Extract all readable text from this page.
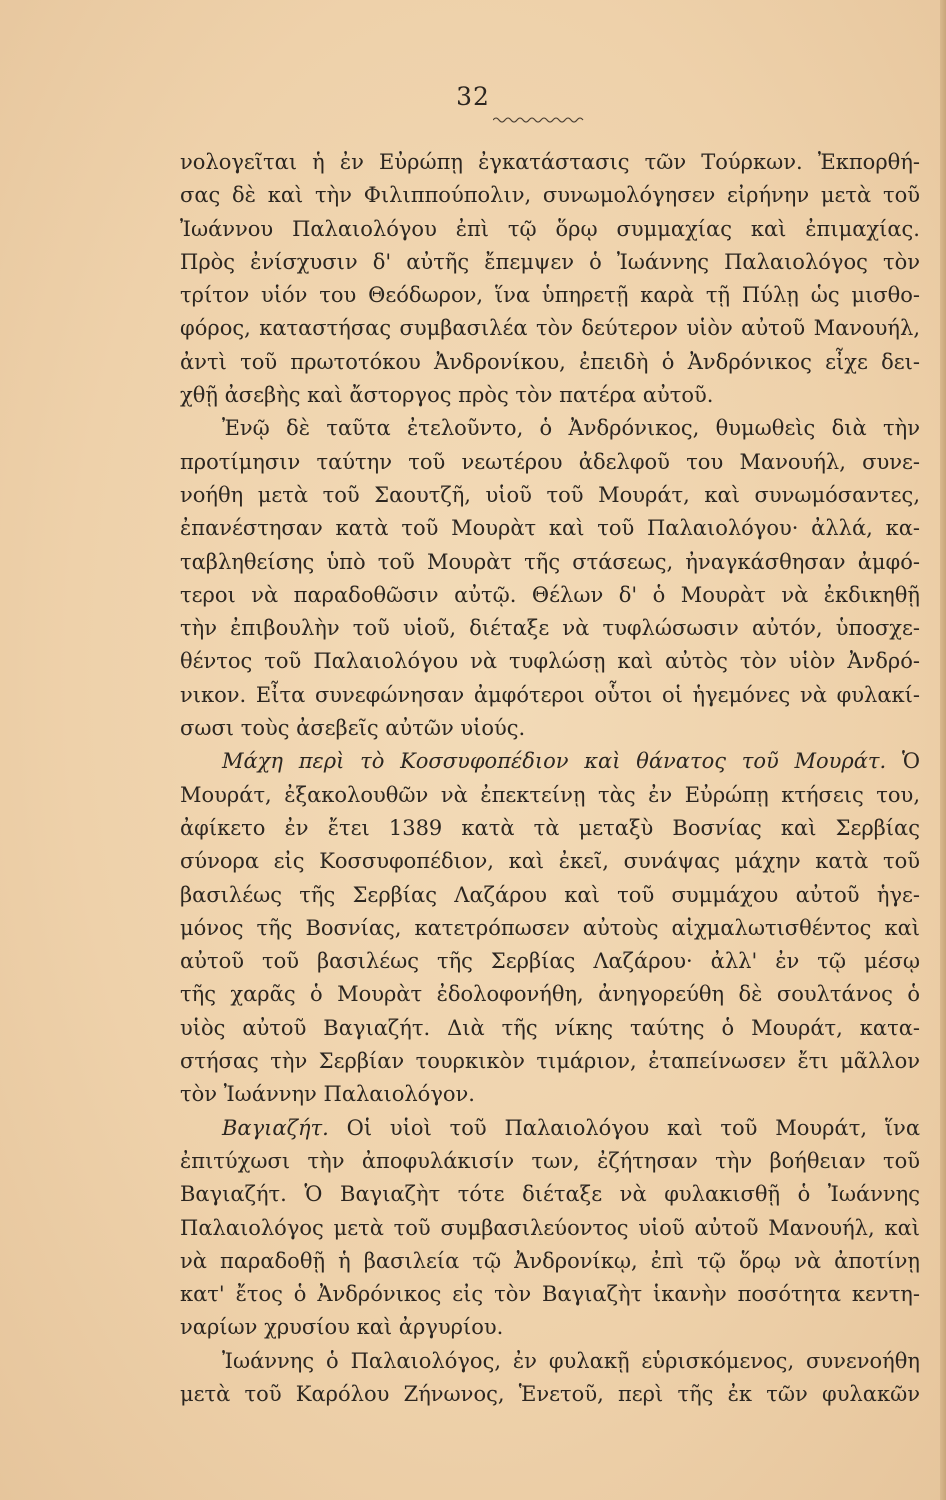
32
νολογεῖται ἡ ἐν Εὐρώπῃ ἐγκατάστασις τῶν Τούρκων. Ἐκπορθή-
σας δὲ καὶ τὴν Φιλιππούπολιν, συνωμολόγησεν εἰρήνην μετὰ τοῦ
Ἰωάννου Παλαιολόγου ἐπὶ τῷ ὅρῳ συμμαχίας καὶ ἐπιμαχίας.
Πρὸς ἐνίσχυσιν δ' αὐτῆς ἔπεμψεν ὁ Ἰωάννης Παλαιολόγος τὸν
τρίτον υἱόν του Θεόδωρον, ἵνα ὑπηρετῇ καρὰ τῇ Πύλῃ ὡς μισθο-
φόρος, καταστήσας συμβασιλέα τὸν δεύτερον υἱὸν αὐτοῦ Μανουήλ,
ἀντὶ τοῦ πρωτοτόκου Ἀνδρονίκου, ἐπειδὴ ὁ Ἀνδρόνικος εἶχε δει-
χθῇ ἀσεβὴς καὶ ἄστοργος πρὸς τὸν πατέρα αὐτοῦ.
Ἐνῷ δὲ ταῦτα ἐτελοῦντο, ὁ Ἀνδρόνικος, θυμωθεὶς διὰ τὴν
προτίμησιν ταύτην τοῦ νεωτέρου ἀδελφοῦ του Μανουήλ, συνε-
νοήθη μετὰ τοῦ Σαουτζῆ, υἱοῦ τοῦ Μουράτ, καὶ συνωμόσαντες,
ἐπανέστησαν κατὰ τοῦ Μουρὰτ καὶ τοῦ Παλαιολόγου· ἀλλά, κα-
ταβληθείσης ὑπὸ τοῦ Μουρὰτ τῆς στάσεως, ἠναγκάσθησαν ἀμφό-
τεροι νὰ παραδοθῶσιν αὐτῷ. Θέλων δ' ὁ Μουρὰτ νὰ ἐκδικηθῇ
τὴν ἐπιβουλὴν τοῦ υἱοῦ, διέταξε νὰ τυφλώσωσιν αὐτόν, ὑποσχε-
θέντος τοῦ Παλαιολόγου νὰ τυφλώσῃ καὶ αὐτὸς τὸν υἱὸν Ἀνδρό-
νικον. Εἶτα συνεφώνησαν ἀμφότεροι οὗτοι οἱ ἡγεμόνες νὰ φυλακί-
σωσι τοὺς ἀσεβεῖς αὐτῶν υἱούς.
Μάχη περὶ τὸ Κοσσυφοπέδιον καὶ θάνατος τοῦ Μουράτ. Ὁ
Μουράτ, ἐξακολουθῶν νὰ ἐπεκτείνῃ τὰς ἐν Εὐρώπῃ κτήσεις του,
ἀφίκετο ἐν ἔτει 1389 κατὰ τὰ μεταξὺ Βοσνίας καὶ Σερβίας
σύνορα εἰς Κοσσυφοπέδιον, καὶ ἐκεῖ, συνάψας μάχην κατὰ τοῦ
βασιλέως τῆς Σερβίας Λαζάρου καὶ τοῦ συμμάχου αὐτοῦ ἡγε-
μόνος τῆς Βοσνίας, κατετρόπωσεν αὐτοὺς αἰχμαλωτισθέντος καὶ
αὐτοῦ τοῦ βασιλέως τῆς Σερβίας Λαζάρου· ἀλλ' ἐν τῷ μέσῳ
τῆς χαρᾶς ὁ Μουρὰτ ἐδολοφονήθη, ἀνηγορεύθη δὲ σουλτάνος ὁ
υἱὸς αὐτοῦ Βαγιαζήτ. Διὰ τῆς νίκης ταύτης ὁ Μουράτ, κατα-
στήσας τὴν Σερβίαν τουρκικὸν τιμάριον, ἐταπείνωσεν ἔτι μᾶλλον
τὸν Ἰωάννην Παλαιολόγον.
Βαγιαζήτ. Οἱ υἱοὶ τοῦ Παλαιολόγου καὶ τοῦ Μουράτ, ἵνα
ἐπιτύχωσι τὴν ἀποφυλάκισίν των, ἐζήτησαν τὴν βοήθειαν τοῦ
Βαγιαζήτ. Ὁ Βαγιαζὴτ τότε διέταξε νὰ φυλακισθῇ ὁ Ἰωάννης
Παλαιολόγος μετὰ τοῦ συμβασιλεύοντος υἱοῦ αὐτοῦ Μανουήλ, καὶ
νὰ παραδοθῇ ἡ βασιλεία τῷ Ἀνδρονίκῳ, ἐπὶ τῷ ὅρῳ νὰ ἀποτίνῃ
κατ' ἔτος ὁ Ἀνδρόνικος εἰς τὸν Βαγιαζὴτ ἱκανὴν ποσότητα κεντη-
ναρίων χρυσίου καὶ ἀργυρίου.
Ἰωάννης ὁ Παλαιολόγος, ἐν φυλακῇ εὑρισκόμενος, συνενοήθη
μετὰ τοῦ Καρόλου Ζήνωνος, Ἑνετοῦ, περὶ τῆς ἐκ τῶν φυλακῶν
